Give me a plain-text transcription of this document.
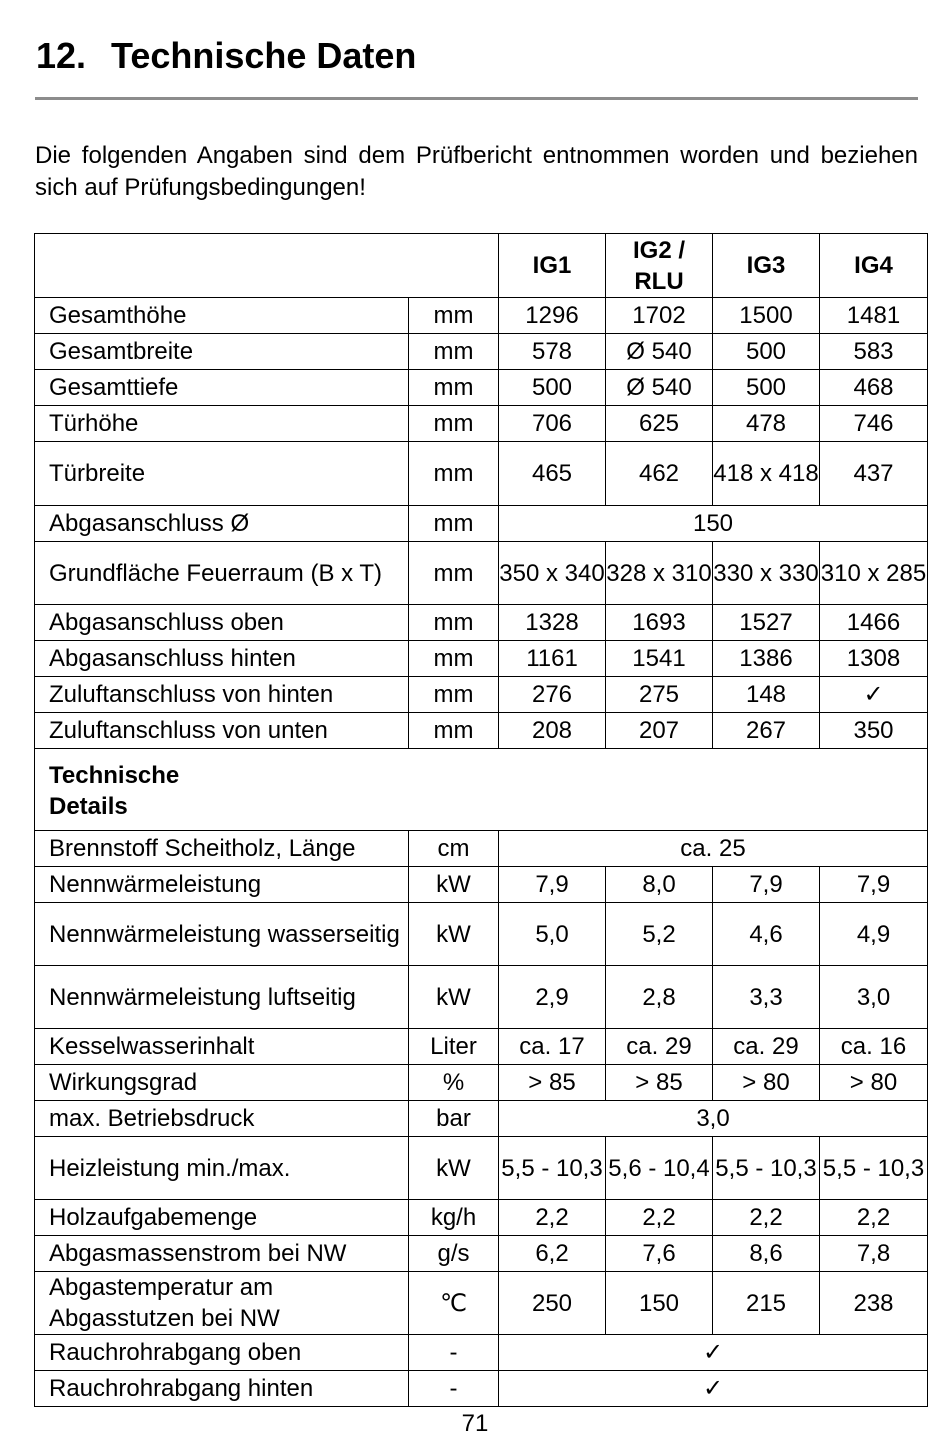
12. Technische Daten

Die folgenden Angaben sind dem Prüfbericht entnommen worden und beziehen sich auf Prüfungsbedingungen!

		IG1	IG2 / RLU	IG3	IG4
Gesamthöhe	mm	1296	1702	1500	1481
Gesamtbreite	mm	578	Ø 540	500	583
Gesamttiefe	mm	500	Ø 540	500	468
Türhöhe	mm	706	625	478	746
Türbreite	mm	465	462	418 x 418	437
Abgasanschluss Ø	mm	150			
Grundfläche Feuerraum (B x T)	mm	350 x 340	328 x 310	330 x 330	310 x 285
Abgasanschluss oben	mm	1328	1693	1527	1466
Abgasanschluss hinten	mm	1161	1541	1386	1308
Zuluftanschluss von hinten	mm	276	275	148	✓
Zuluftanschluss von unten	mm	208	207	267	350
Technische Details					
Brennstoff Scheitholz, Länge	cm	ca. 25			
Nennwärmeleistung	kW	7,9	8,0	7,9	7,9
Nennwärmeleistung wasserseitig	kW	5,0	5,2	4,6	4,9
Nennwärmeleistung luftseitig	kW	2,9	2,8	3,3	3,0
Kesselwasserinhalt	Liter	ca. 17	ca. 29	ca. 29	ca. 16
Wirkungsgrad	%	> 85	> 85	> 80	> 80
max. Betriebsdruck	bar	3,0			
Heizleistung min./max.	kW	5,5 - 10,3	5,6 - 10,4	5,5 - 10,3	5,5 - 10,3
Holzaufgabemenge	kg/h	2,2	2,2	2,2	2,2
Abgasmassenstrom bei NW	g/s	6,2	7,6	8,6	7,8
Abgastemperatur am Abgasstutzen bei NW	℃	250	150	215	238
Rauchrohrabgang oben	-	✓			
Rauchrohrabgang hinten	-	✓			
71
